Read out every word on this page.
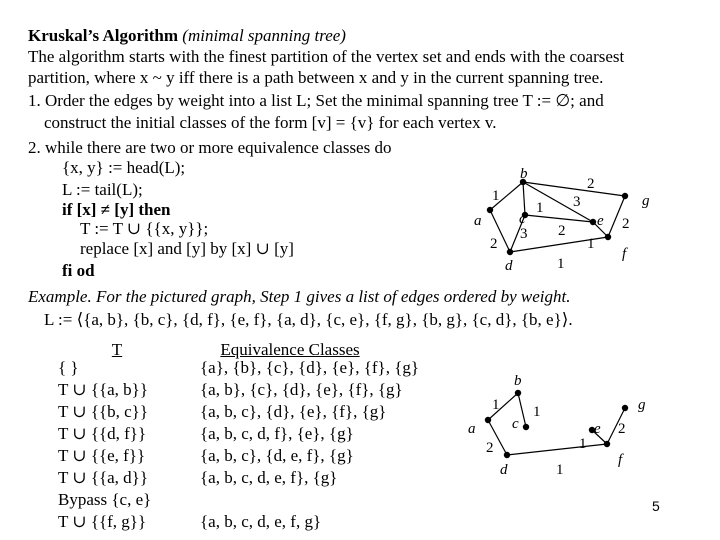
Kruskal’s Algorithm (minimal spanning tree)
The algorithm starts with the finest partition of the vertex set and ends with the coarsest
partition, where x ~ y iff there is a path between x and y in the current spanning tree.
1. Order the edges by weight into a list L; Set the minimal spanning tree T := ∅; and
construct the initial classes of the form [v] = {v} for each vertex v.
2. while there are two or more equivalence classes do
{x, y} := head(L);
L := tail(L);
if [x] ≠ [y] then
T := T ∪ {{x, y}};
replace [x] and [y] by [x] ∪ [y]
fi od
Example. For the pictured graph, Step 1 gives a list of edges ordered by weight.
L := ⟨{a, b}, {b, c}, {d, f}, {e, f}, {a, d}, {c, e}, {f, g}, {b, g}, {c, d}, {b, e}⟩.
T	Equivalence Classes
{ }	{a}, {b}, {c}, {d}, {e}, {f}, {g}
T ∪ {{a, b}}	{a, b}, {c}, {d}, {e}, {f}, {g}
T ∪ {{b, c}}	{a, b, c}, {d}, {e}, {f}, {g}
T ∪ {{d, f}}	{a, b, c, d, f}, {e}, {g}
T ∪ {{e, f}}	{a, b, c}, {d, e, f}, {g}
T ∪ {{a, d}}	{a, b, c, d, e, f}, {g}
Bypass {c, e}
T ∪ {{f, g}}	{a, b, c, d, e, f, g}
a
b
c
d
e
f
g
1
1
2
3
3 2
2
1
1
2
a
b
c
d
e
f
g
1 1
2
1
1
2
5
